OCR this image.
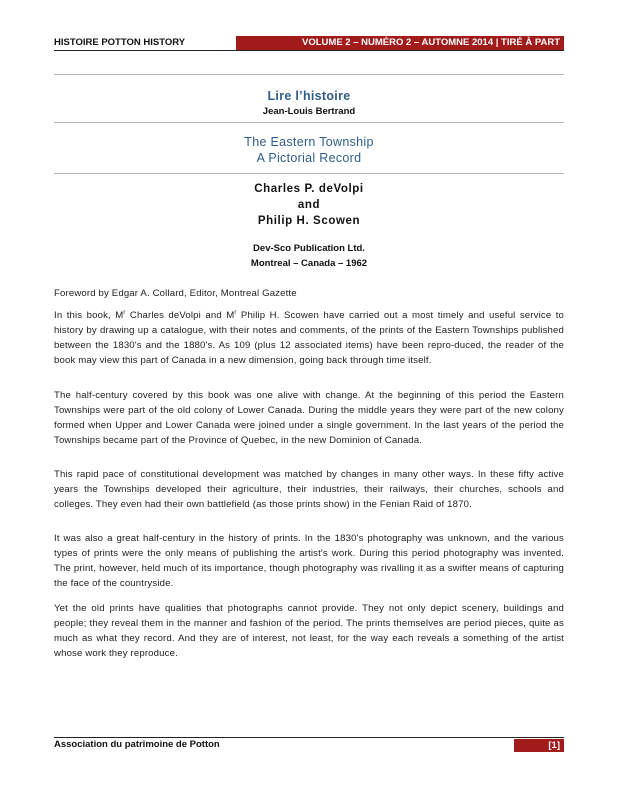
HISTOIRE POTTON HISTORY	VOLUME 2 – NUMÉRO 2 – AUTOMNE 2014 | TIRÉ À PART
Lire l’histoire
Jean-Louis Bertrand
The Eastern Township
A Pictorial Record
Charles P. deVolpi
and
Philip H. Scowen
Dev-Sco Publication Ltd.
Montreal – Canada – 1962
Foreword by Edgar A. Collard, Editor, Montreal Gazette
In this book, $M^r$ Charles deVolpi and $M^r$ Philip H. Scowen have carried out a most timely and useful service to history by drawing up a catalogue, with their notes and comments, of the prints of the Eastern Townships published between the 1830's and the 1880's. As 109 (plus 12 associated items) have been repro-duced, the reader of the book may view this part of Canada in a new dimension, going back through time itself.
The half-century covered by this book was one alive with change. At the beginning of this period the Eastern Townships were part of the old colony of Lower Canada. During the middle years they were part of the new colony formed when Upper and Lower Canada were joined under a single government. In the last years of the period the Townships became part of the Province of Quebec, in the new Dominion of Canada.
This rapid pace of constitutional development was matched by changes in many other ways. In these fifty active years the Townships developed their agriculture, their industries, their railways, their churches, schools and colleges. They even had their own battlefield (as those prints show) in the Fenian Raid of 1870.
It was also a great half-century in the history of prints. In the 1830's photography was unknown, and the various types of prints were the only means of publishing the artist's work. During this period photography was invented. The print, however, held much of its importance, though photography was rivalling it as a swifter means of capturing the face of the countryside.
Yet the old prints have qualities that photographs cannot provide. They not only depict scenery, buildings and people; they reveal them in the manner and fashion of the period. The prints themselves are period pieces, quite as much as what they record. And they are of interest, not least, for the way each reveals a something of the artist whose work they reproduce.
Association du patrimoine de Potton	[1]
